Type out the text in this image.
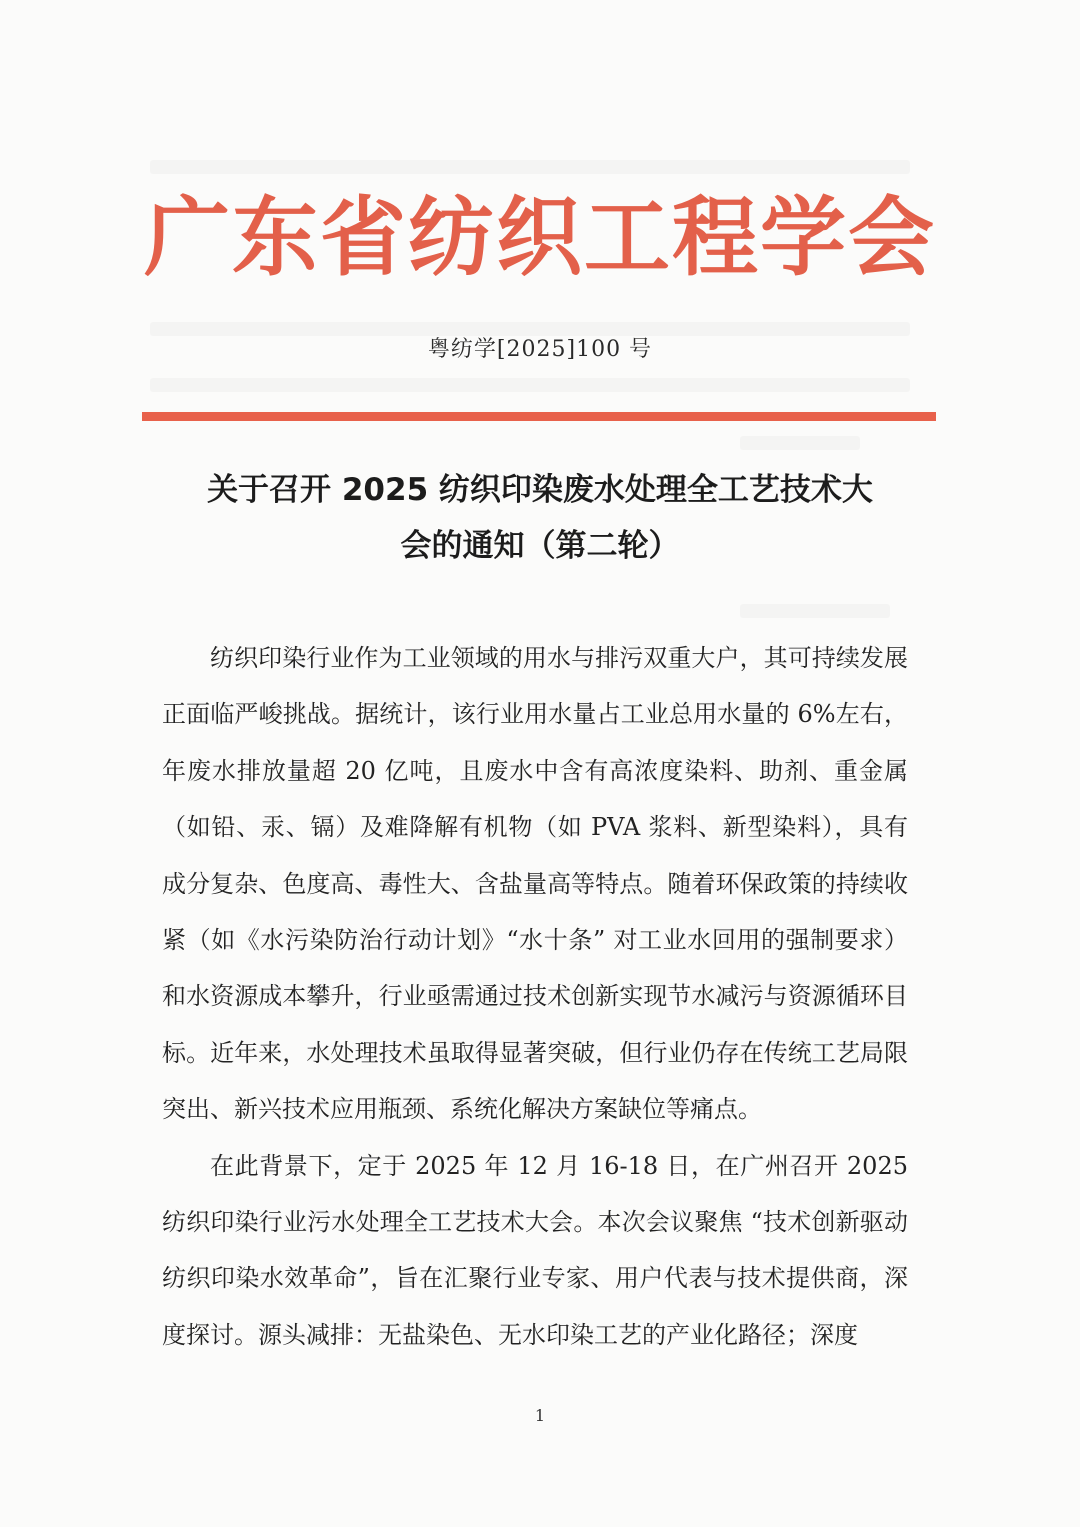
广东省纺织工程学会
粤纺学[2025]100 号
关于召开 2025 纺织印染废水处理全工艺技术大
会的通知（第二轮）

纺织印染行业作为工业领域的用水与排污双重大户，其可持续发展正面临严峻挑战。据统计，该行业用水量占工业总用水量的 6%左右，年废水排放量超 20 亿吨，且废水中含有高浓度染料、助剂、重金属（如铅、汞、镉）及难降解有机物（如 PVA 浆料、新型染料），具有成分复杂、色度高、毒性大、含盐量高等特点。随着环保政策的持续收紧（如《水污染防治行动计划》“水十条” 对工业水回用的强制要求）和水资源成本攀升，行业亟需通过技术创新实现节水减污与资源循环目标。近年来，水处理技术虽取得显著突破，但行业仍存在传统工艺局限突出、新兴技术应用瓶颈、系统化解决方案缺位等痛点。

在此背景下，定于 2025 年 12 月 16-18 日，在广州召开 2025 纺织印染行业污水处理全工艺技术大会。本次会议聚焦 “技术创新驱动纺织印染水效革命”，旨在汇聚行业专家、用户代表与技术提供商，深度探讨。源头减排：无盐染色、无水印染工艺的产业化路径；深度

1
